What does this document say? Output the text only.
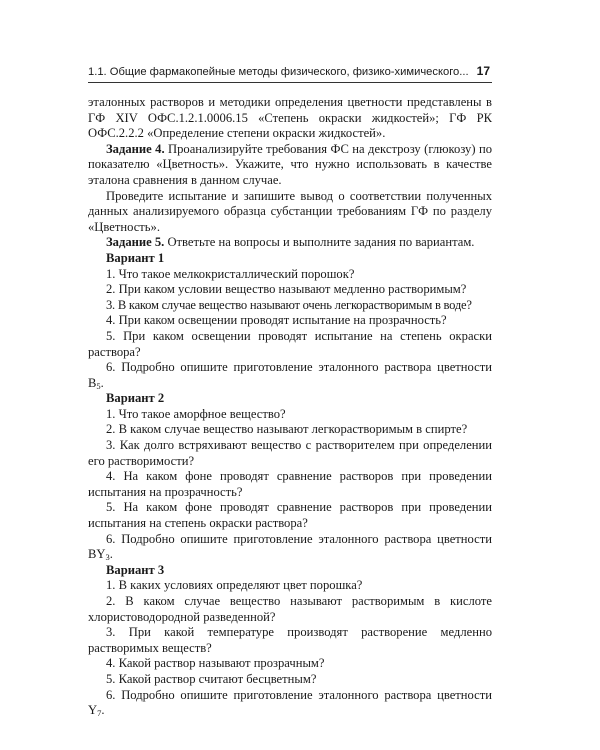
1.1. Общие фармакопейные методы физического, физико-химического... 17

эталонных растворов и методики определения цветности представлены в ГФ XIV ОФС.1.2.1.0006.15 «Степень окраски жидкостей»; ГФ РК ОФС.2.2.2 «Определение степени окраски жидкостей».

Задание 4. Проанализируйте требования ФС на декстрозу (глюкозу) по показателю «Цветность». Укажите, что нужно использовать в качестве эталона сравнения в данном случае.

Проведите испытание и запишите вывод о соответствии полученных данных анализируемого образца субстанции требованиям ГФ по разделу «Цветность».

Задание 5. Ответьте на вопросы и выполните задания по вариантам.

Вариант 1

1. Что такое мелкокристаллический порошок?

2. При каком условии вещество называют медленно растворимым?

3. В каком случае вещество называют очень легкорастворимым в воде?

4. При каком освещении проводят испытание на прозрачность?

5. При каком освещении проводят испытание на степень окраски раствора?

6. Подробно опишите приготовление эталонного раствора цветности $В_5$.

Вариант 2

1. Что такое аморфное вещество?

2. В каком случае вещество называют легкорастворимым в спирте?

3. Как долго встряхивают вещество с растворителем при определении его растворимости?

4. На каком фоне проводят сравнение растворов при проведении испытания на прозрачность?

5. На каком фоне проводят сравнение растворов при проведении испытания на степень окраски раствора?

6. Подробно опишите приготовление эталонного раствора цветности $BY_3$.

Вариант 3

1. В каких условиях определяют цвет порошка?

2. В каком случае вещество называют растворимым в кислоте хлористоводородной разведенной?

3. При какой температуре производят растворение медленно растворимых веществ?

4. Какой раствор называют прозрачным?

5. Какой раствор считают бесцветным?

6. Подробно опишите приготовление эталонного раствора цветности $Y_7$.
